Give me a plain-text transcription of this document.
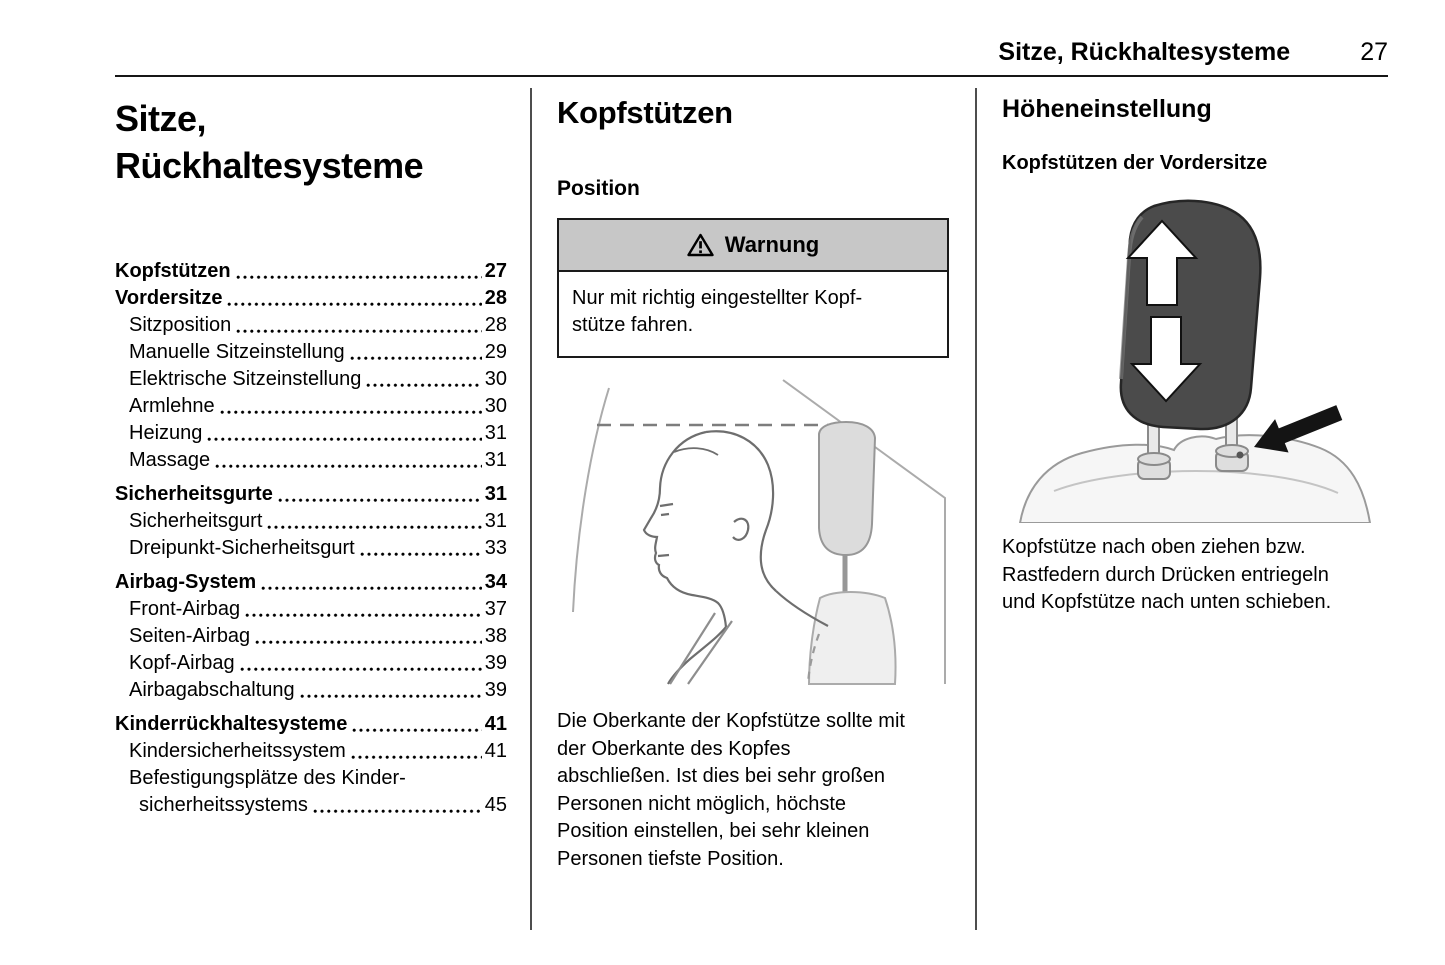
Sitze, Rückhaltesysteme	27
Sitze,
Rückhaltesysteme
Kopfstützen	27
Vordersitze	28
Sitzposition	28
Manuelle Sitzeinstellung	29
Elektrische Sitzeinstellung	30
Armlehne	30
Heizung	31
Massage	31
Sicherheitsgurte	31
Sicherheitsgurt	31
Dreipunkt-Sicherheitsgurt	33
Airbag-System	34
Front-Airbag	37
Seiten-Airbag	38
Kopf-Airbag	39
Airbagabschaltung	39
Kinderrückhaltesysteme	41
Kindersicherheitssystem	41
Befestigungsplätze des Kinder-
sicherheitssystems	45
Kopfstützen
Position
Warnung

Nur mit richtig eingestellter Kopfstütze fahren.

Die Oberkante der Kopfstütze sollte mit der Oberkante des Kopfes abschließen. Ist dies bei sehr großen Personen nicht möglich, höchste Position einstellen, bei sehr kleinen Personen tiefste Position.

Höheneinstellung
Kopfstützen der Vordersitze

Kopfstütze nach oben ziehen bzw. Rastfedern durch Drücken entriegeln und Kopfstütze nach unten schieben.
